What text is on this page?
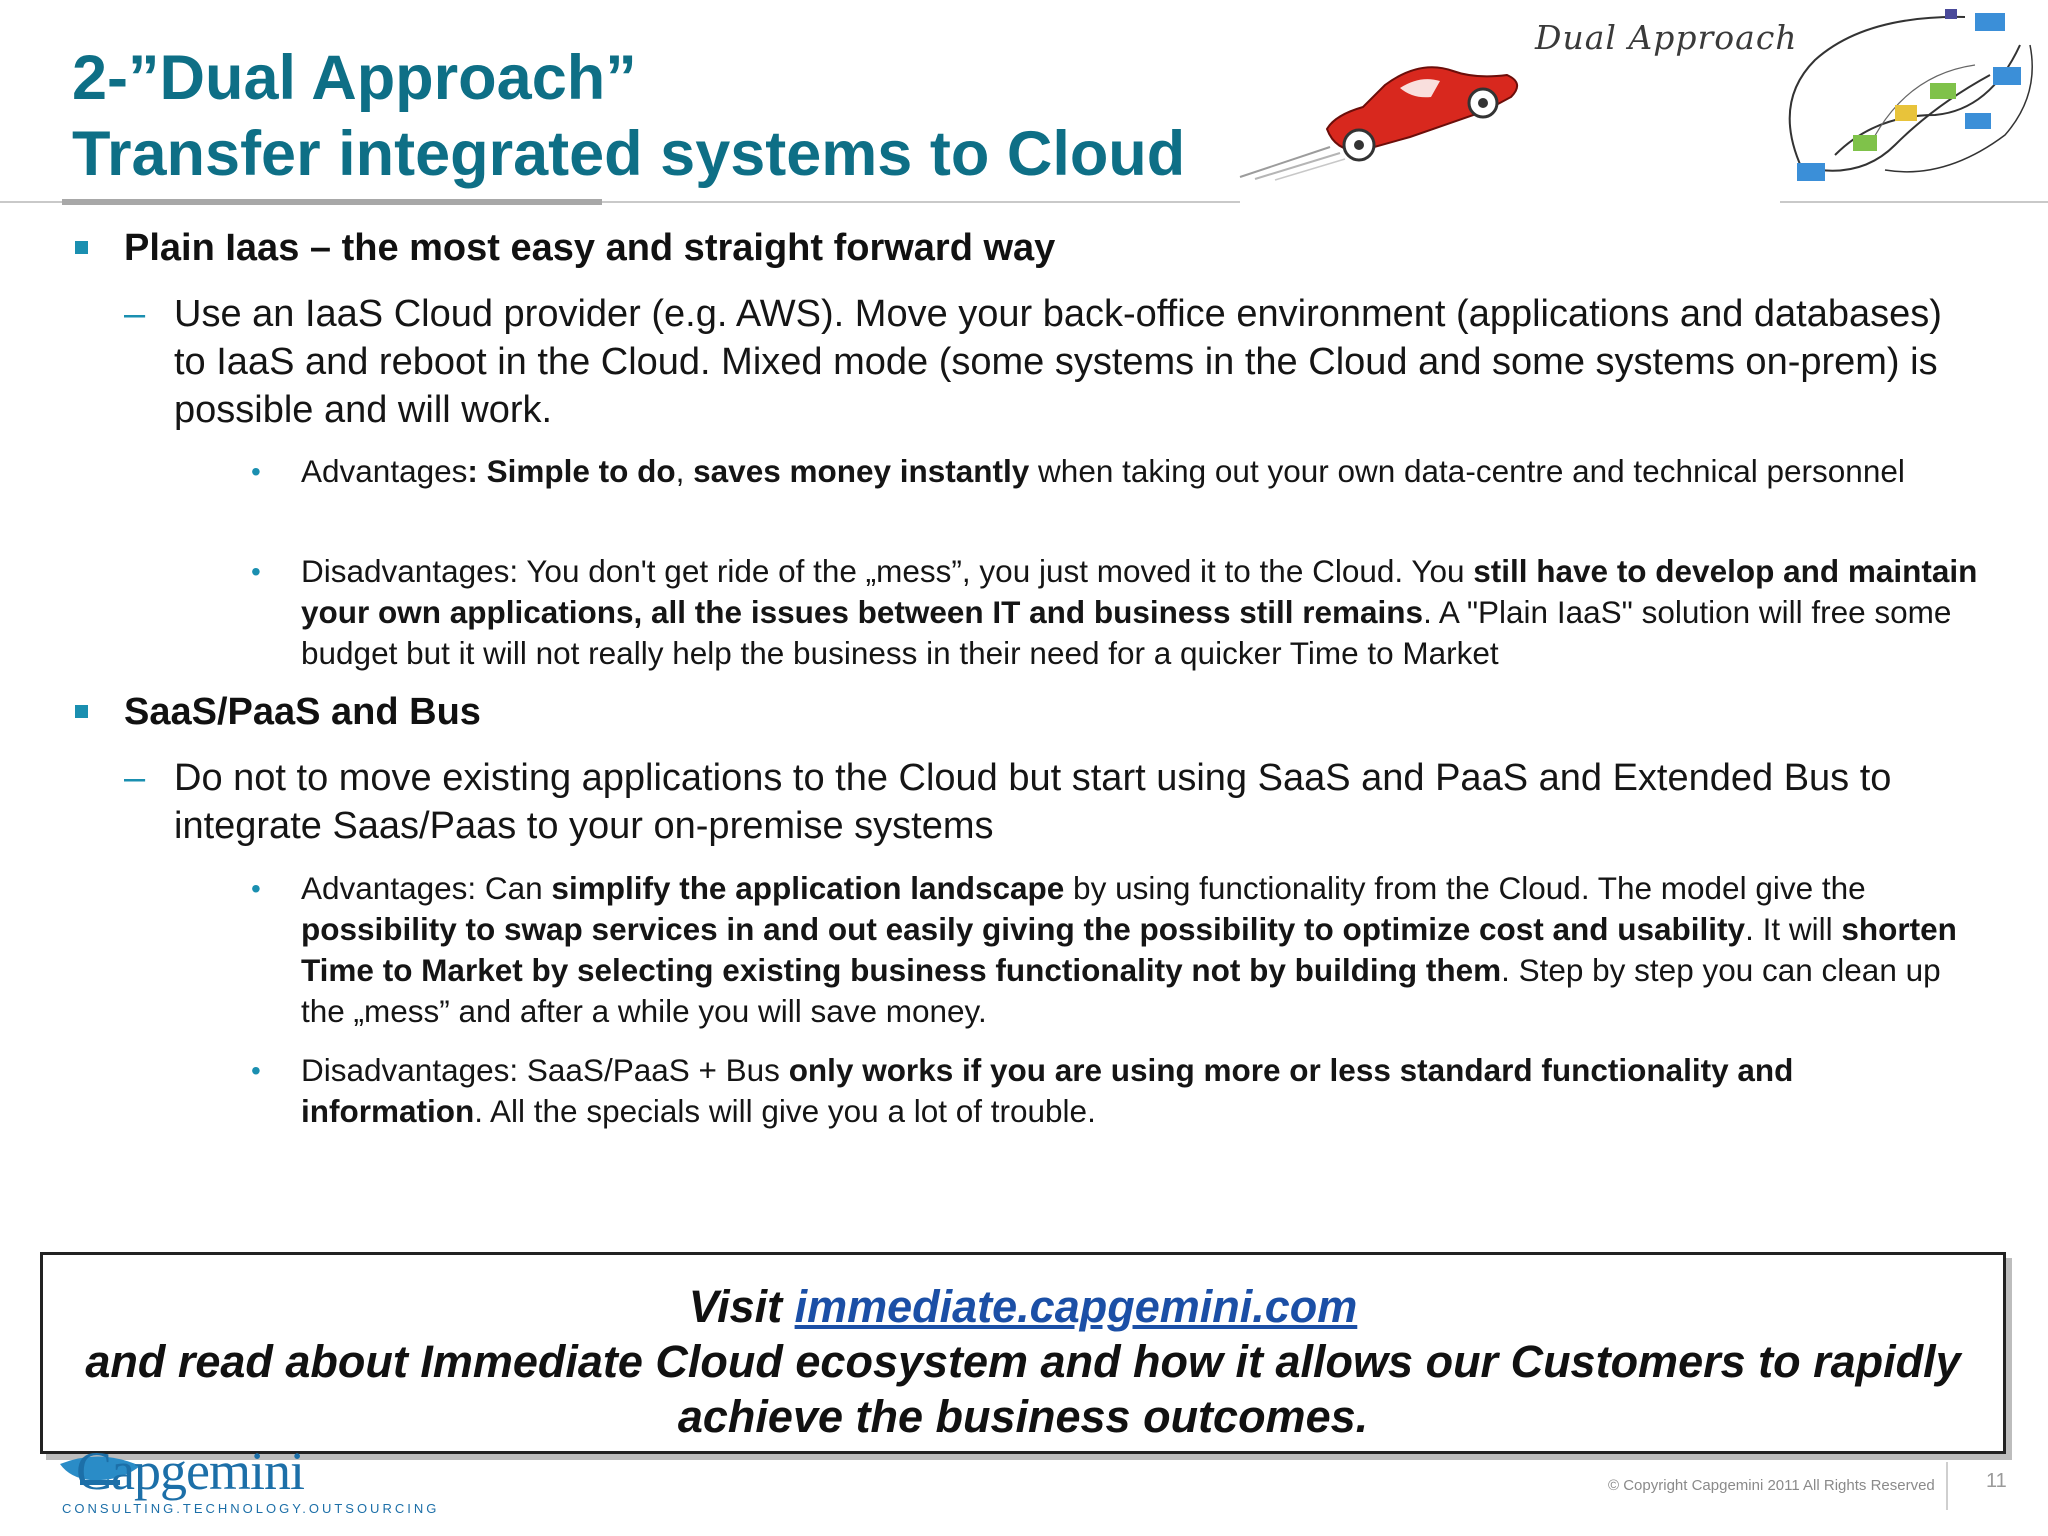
2-”Dual Approach”
Transfer integrated systems to Cloud
Dual Approach
Plain Iaas – the most easy and straight forward way
– Use an IaaS Cloud provider (e.g. AWS). Move your back-office environment (applications and databases) to IaaS and reboot in the Cloud. Mixed mode (some systems in the Cloud and some systems on-prem) is possible and will work.
• Advantages: Simple to do, saves money instantly when taking out your own data-centre and technical personnel
• Disadvantages: You don't get ride of the „mess”, you just moved it to the Cloud. You still have to develop and maintain your own applications, all the issues between IT and business still remains. A "Plain IaaS" solution will free some budget but it will not really help the business in their need for a quicker Time to Market
SaaS/PaaS and Bus
– Do not to move existing applications to the Cloud but start using SaaS and PaaS and Extended Bus to integrate Saas/Paas to your on-premise systems
• Advantages: Can simplify the application landscape by using functionality from the Cloud. The model give the possibility to swap services in and out easily giving the possibility to optimize cost and usability. It will shorten Time to Market by selecting existing business functionality not by building them. Step by step you can clean up the „mess” and after a while you will save money.
• Disadvantages: SaaS/PaaS + Bus only works if you are using more or less standard functionality and information. All the specials will give you a lot of trouble.
Visit immediate.capgemini.com
and read about Immediate Cloud ecosystem and how it allows our Customers to rapidly achieve the business outcomes.
Capgemini
CONSULTING.TECHNOLOGY.OUTSOURCING
© Copyright Capgemini 2011 All Rights Reserved	11
